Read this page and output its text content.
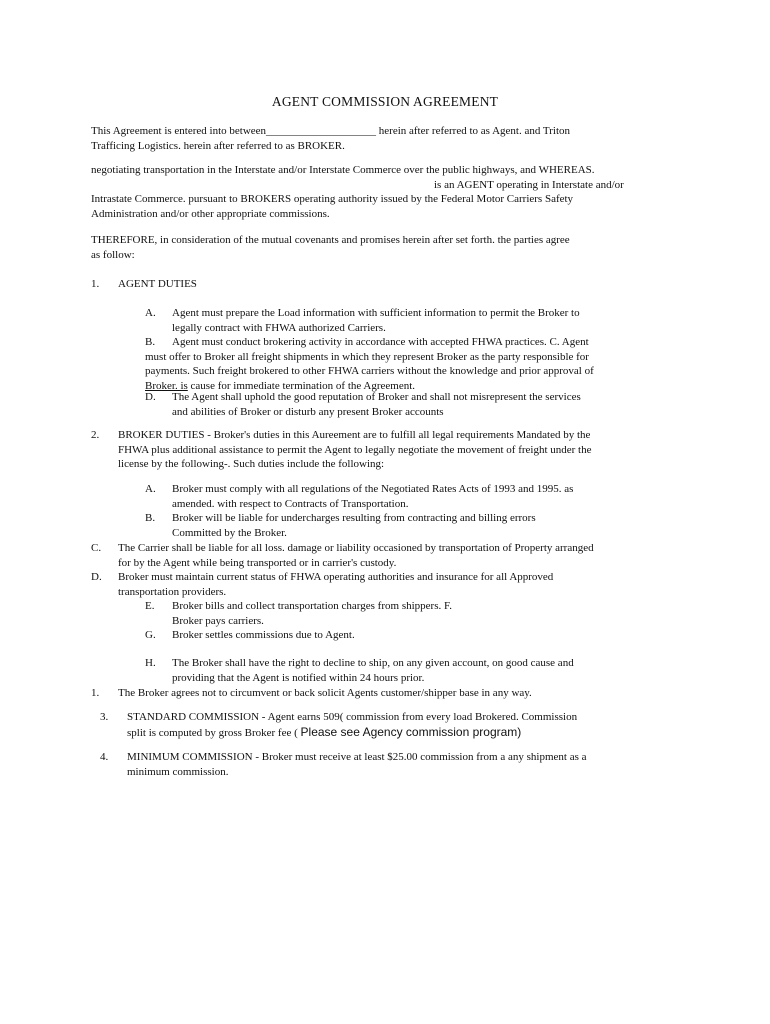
AGENT COMMISSION AGREEMENT
This Agreement is entered into between____________________ herein after referred to as Agent. and Triton
Trafficing Logistics. herein after referred to as BROKER.
negotiating transportation in the Interstate and/or Interstate Commerce over the public highways, and WHEREAS.
is an AGENT operating in Interstate and/or
Intrastate Commerce. pursuant to BROKERS operating authority issued by the Federal Motor Carriers Safety
Administration and/or other appropriate commissions.
THEREFORE, in consideration of the mutual covenants and promises herein after set forth. the parties agree
as follow:
1. AGENT DUTIES
A. Agent must prepare the Load information with sufficient information to permit the Broker to
legally contract with FHWA authorized Carriers.
B.	Agent must conduct brokering activity in accordance with accepted FHWA practices. C. Agent
must offer to Broker all freight shipments in which they represent Broker as the party responsible for
payments. Such freight brokered to other FHWA carriers without the knowledge and prior approval of
Broker. is cause for immediate termination of the Agreement.
D. The Agent shall uphold the good reputation of Broker and shall not misrepresent the services
and abilities of Broker or disturb any present Broker accounts
2. BROKER DUTIES - Broker's duties in this Aureement are to fulfill all legal requirements Mandated by the
FHWA plus additional assistance to permit the Agent to legally negotiate the movement of freight under the
license by the following-. Such duties include the following:
A. Broker must comply with all regulations of the Negotiated Rates Acts of 1993 and 1995. as
amended. with respect to Contracts of Transportation.
B. Broker will be liable for undercharges resulting from contracting and billing errors
Committed by the Broker.
C. The Carrier shall be liable for all loss. damage or liability occasioned by transportation of Property arranged
for by the Agent while being transported or in carrier's custody.
D. Broker must maintain current status of FHWA operating authorities and insurance for all Approved
transportation providers.
E. Broker bills and collect transportation charges from shippers. F.
Broker pays carriers.
G. Broker settles commissions due to Agent.
H. The Broker shall have the right to decline to ship, on any given account, on good cause and
providing that the Agent is notified within 24 hours prior.
1. The Broker agrees not to circumvent or back solicit Agents customer/shipper base in any way.
3. STANDARD COMMISSION - Agent earns 509( commission from every load Brokered. Commission
split is computed by gross Broker fee ( Please see Agency commission program)
4. MINIMUM COMMISSION - Broker must receive at least $25.00 commission from a any shipment as a
minimum commission.
